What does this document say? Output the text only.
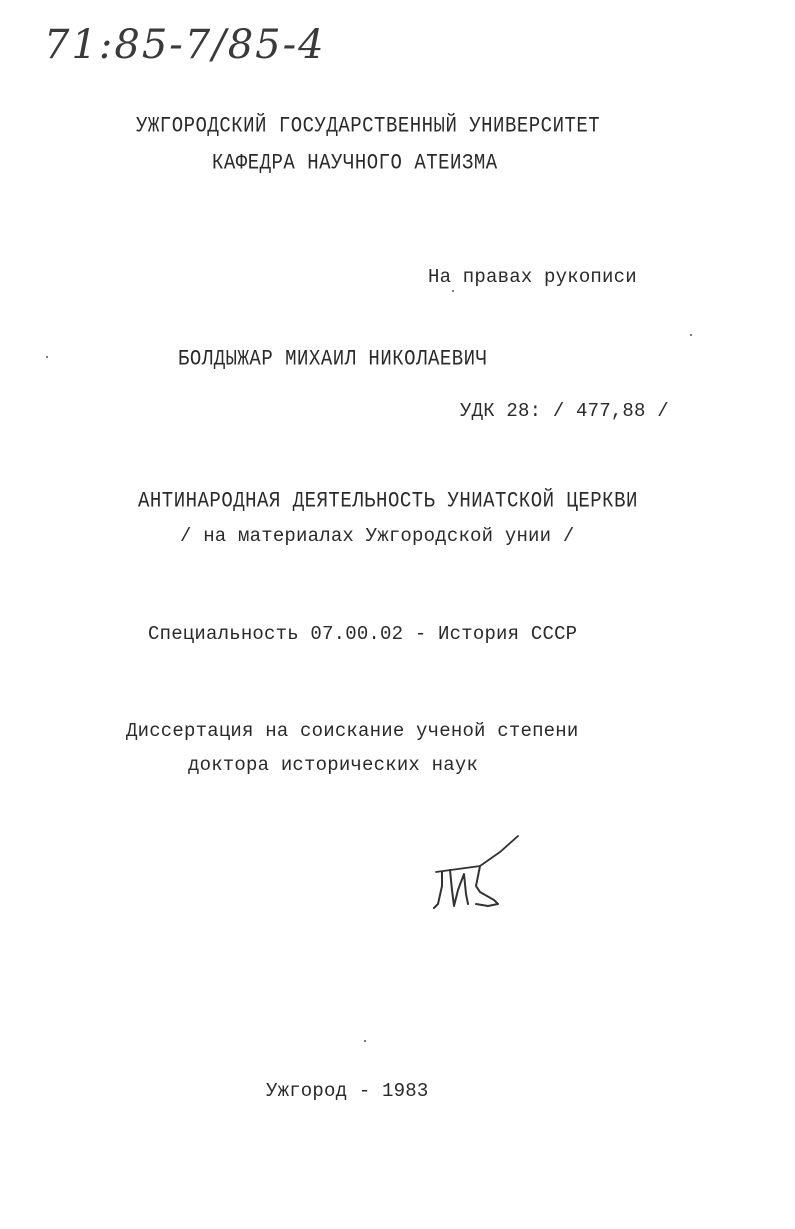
71:85-7/85-4
УЖГОРОДСКИЙ ГОСУДАРСТВЕННЫЙ УНИВЕРСИТЕТ
КАФЕДРА НАУЧНОГО АТЕИЗМА
На правах рукописи
БОЛДЫЖАР МИХАИЛ НИКОЛАЕВИЧ
УДК 28: / 477,88 /
АНТИНАРОДНАЯ ДЕЯТЕЛЬНОСТЬ УНИАТСКОЙ ЦЕРКВИ
/ на материалах Ужгородской унии /
Специальность 07.00.02 - История СССР
Диссертация на соискание ученой степени
доктора исторических наук
Ужгород - 1983
